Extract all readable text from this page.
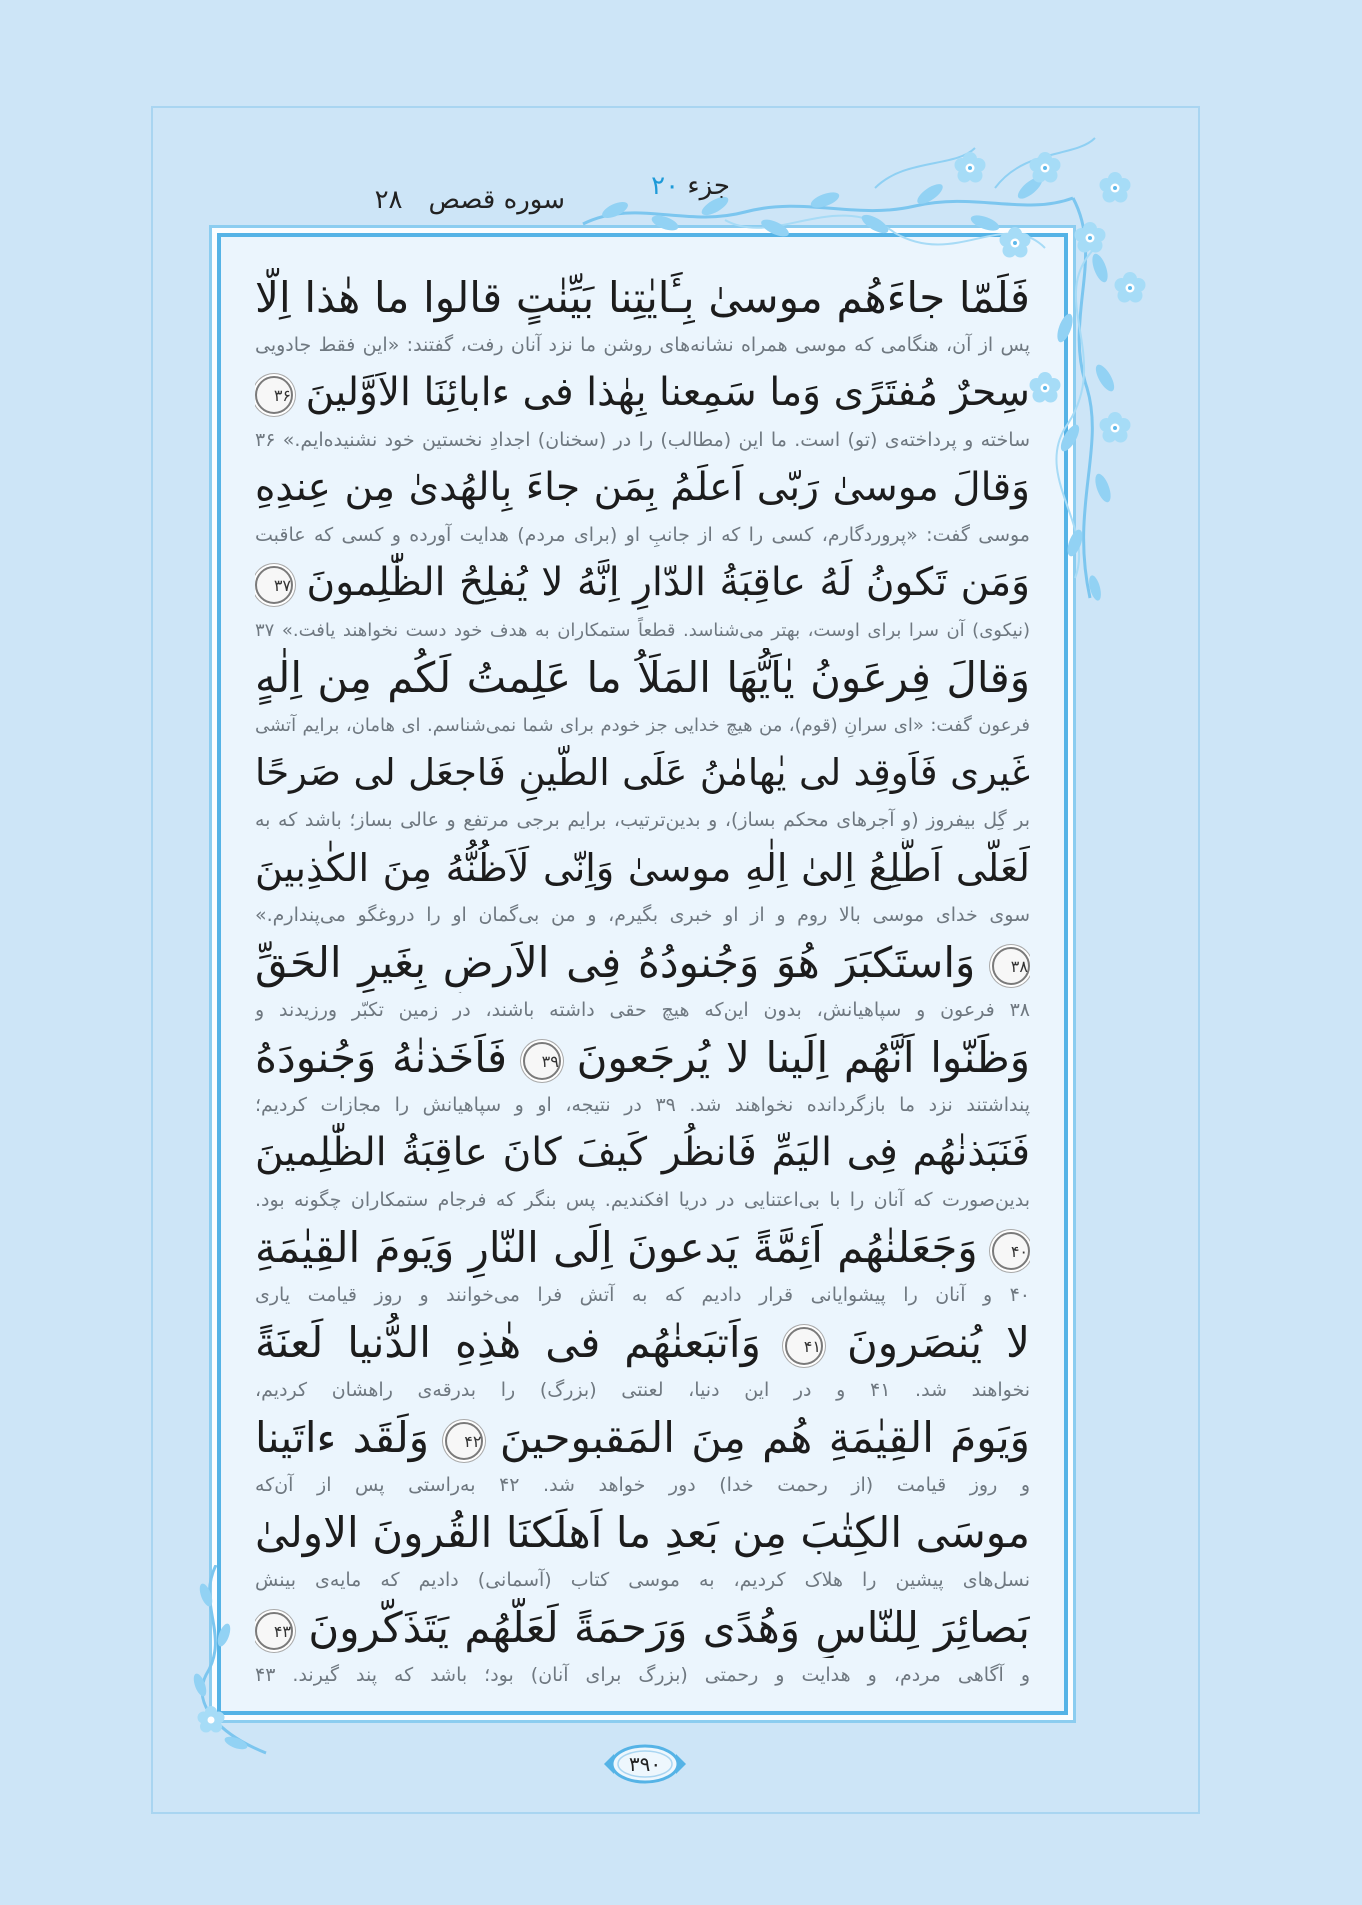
جزء ۲۰
سوره قصص۲۸
فَلَمّا جاءَهُم موسىٰ بِـَٔايٰتِنا بَيِّنٰتٍ قالوا ما هٰذا اِلّا
پس از آن، هنگامی که موسی همراه نشانه‌های روشن ما نزد آنان رفت، گفتند: «این فقط جادویی
سِحرٌ مُفتَرًى وَما سَمِعنا بِهٰذا فى ءابائِنَا الاَوَّلينَ ۳۶
ساخته و پرداخته‌ی (تو) است. ما این (مطالب) را در (سخنان) اجدادِ نخستین خود نشنیده‌ایم.» ۳۶
وَقالَ موسىٰ رَبّى اَعلَمُ بِمَن جاءَ بِالهُدىٰ مِن عِندِهِ
موسی گفت: «پروردگارم، کسی را که از جانبِ او (برای مردم) هدایت آورده و کسی که عاقبت
وَمَن تَكونُ لَهُ عاقِبَةُ الدّارِ اِنَّهُ لا يُفلِحُ الظّٰلِمونَ ۳۷
(نیکوی) آن سرا برای اوست، بهتر می‌شناسد. قطعاً ستمکاران به هدف خود دست نخواهند یافت.» ۳۷
وَقالَ فِرعَونُ يٰاَيُّهَا المَلَاُ ما عَلِمتُ لَكُم مِن اِلٰهٍ
فرعون گفت: «ای سرانِ (قوم)، من هیچ خدایی جز خودم برای شما نمی‌شناسم. ای هامان، برایم آتشی
غَيرى فَاَوقِد لى يٰهامٰنُ عَلَى الطّينِ فَاجعَل لى صَرحًا
بر گِل بیفروز (و آجرهای محکم بساز)، و بدین‌ترتیب، برایم برجی مرتفع و عالی بساز؛ باشد که به
لَعَلّى اَطَّلِعُ اِلىٰ اِلٰهِ موسىٰ وَاِنّى لَاَظُنُّهُ مِنَ الكٰذِبينَ
سوی خدای موسی بالا روم و از او خبری بگیرم، و من بی‌گمان او را دروغگو می‌پندارم.»
۳۸ وَاستَكبَرَ هُوَ وَجُنودُهُ فِى الاَرضِ بِغَيرِ الحَقِّ
۳۸ فرعون و سپاهیانش، بدون این‌که هیچ حقی داشته باشند، در زمین تکبّر ورزیدند و
وَظَنّوا اَنَّهُم اِلَينا لا يُرجَعونَ ۳۹ فَاَخَذنٰهُ وَجُنودَهُ
پنداشتند نزد ما بازگردانده نخواهند شد. ۳۹ در نتیجه، او و سپاهیانش را مجازات کردیم؛
فَنَبَذنٰهُم فِى اليَمِّ فَانظُر كَيفَ كانَ عاقِبَةُ الظّٰلِمينَ
بدین‌صورت که آنان را با بی‌اعتنایی در دریا افکندیم. پس بنگر که فرجام ستمکاران چگونه بود.
۴۰ وَجَعَلنٰهُم اَئِمَّةً يَدعونَ اِلَى النّارِ وَيَومَ القِيٰمَةِ
۴۰ و آنان را پیشوایانی قرار دادیم که به آتش فرا می‌خوانند و روز قیامت یاری
لا يُنصَرونَ ۴۱ وَاَتبَعنٰهُم فى هٰذِهِ الدُّنيا لَعنَةً
نخواهند شد. ۴۱ و در این دنیا، لعنتی (بزرگ) را بدرقه‌ی راهشان کردیم،
وَيَومَ القِيٰمَةِ هُم مِنَ المَقبوحينَ ۴۲ وَلَقَد ءاتَينا
و روز قیامت (از رحمت خدا) دور خواهد شد. ۴۲ به‌راستی پس از آن‌که
موسَى الكِتٰبَ مِن بَعدِ ما اَهلَكنَا القُرونَ الاولىٰ
نسل‌های پیشین را هلاک کردیم، به موسی کتاب (آسمانی) دادیم که مایه‌ی بینش
بَصائِرَ لِلنّاسِ وَهُدًى وَرَحمَةً لَعَلَّهُم يَتَذَكَّرونَ ۴۳
و آگاهی مردم، و هدایت و رحمتی (بزرگ برای آنان) بود؛ باشد که پند گیرند. ۴۳
۳۹۰
